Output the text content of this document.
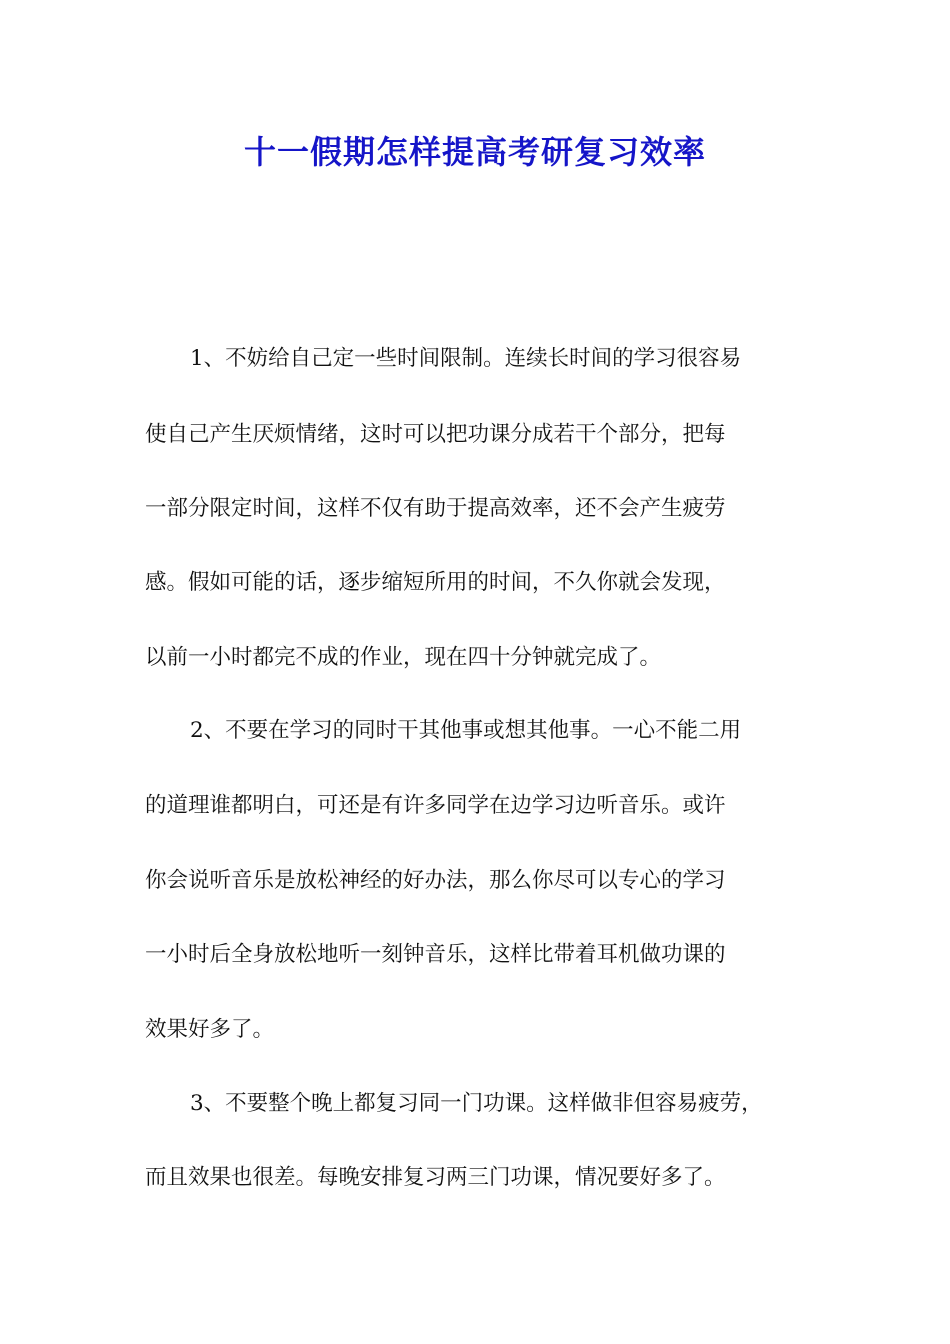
十一假期怎样提高考研复习效率
1、不妨给自己定一些时间限制。连续长时间的学习很容易
使自己产生厌烦情绪，这时可以把功课分成若干个部分，把每
一部分限定时间，这样不仅有助于提高效率，还不会产生疲劳
感。假如可能的话，逐步缩短所用的时间，不久你就会发现，
以前一小时都完不成的作业，现在四十分钟就完成了。
2、不要在学习的同时干其他事或想其他事。一心不能二用
的道理谁都明白，可还是有许多同学在边学习边听音乐。或许
你会说听音乐是放松神经的好办法，那么你尽可以专心的学习
一小时后全身放松地听一刻钟音乐，这样比带着耳机做功课的
效果好多了。
3、不要整个晚上都复习同一门功课。这样做非但容易疲劳，
而且效果也很差。每晚安排复习两三门功课，情况要好多了。
